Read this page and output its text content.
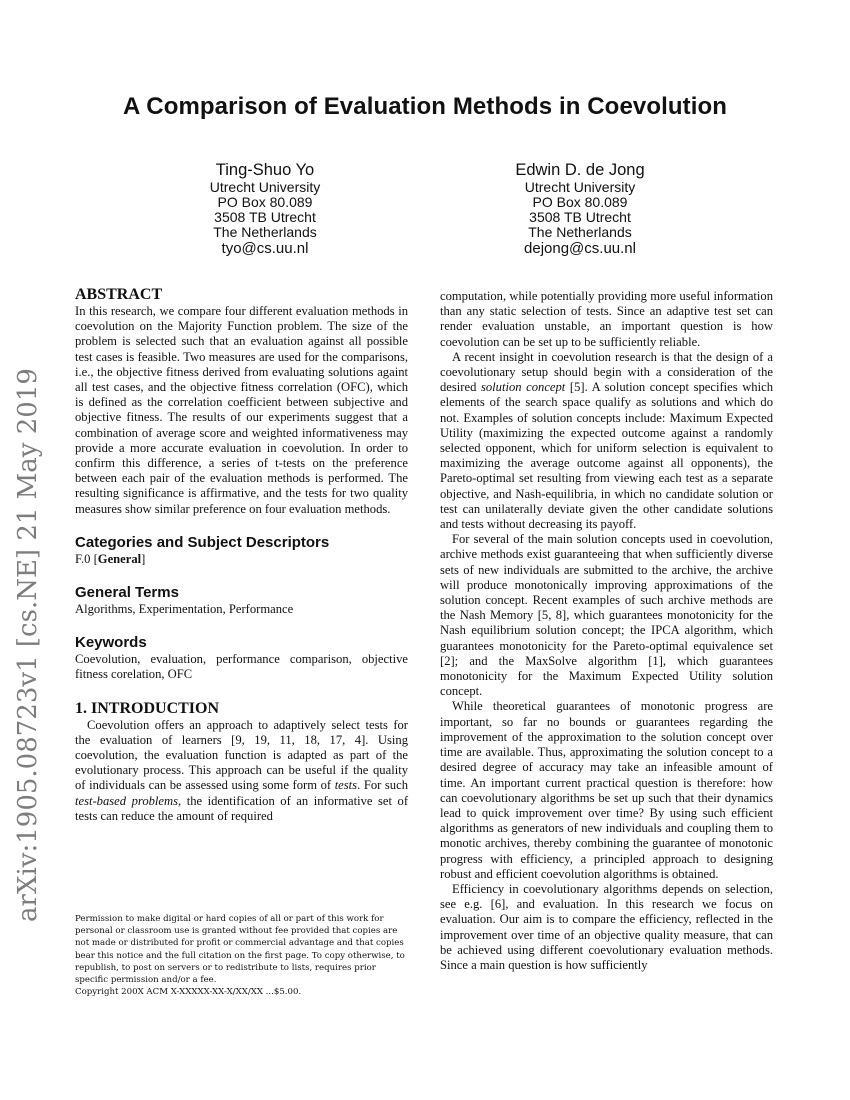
arXiv:1905.08723v1 [cs.NE] 21 May 2019
A Comparison of Evaluation Methods in Coevolution
Ting-Shuo Yo
Utrecht University
PO Box 80.089
3508 TB Utrecht
The Netherlands
tyo@cs.uu.nl
Edwin D. de Jong
Utrecht University
PO Box 80.089
3508 TB Utrecht
The Netherlands
dejong@cs.uu.nl
ABSTRACT

In this research, we compare four different evaluation methods in coevolution on the Majority Function problem. The size of the problem is selected such that an evaluation against all possible test cases is feasible. Two measures are used for the comparisons, i.e., the objective fitness derived from evaluating solutions againt all test cases, and the objective fitness correlation (OFC), which is defined as the correlation coefficient between subjective and objective fitness. The results of our experiments suggest that a combination of average score and weighted informativeness may provide a more accurate evaluation in coevolution. In order to confirm this difference, a series of t-tests on the preference between each pair of the evaluation methods is performed. The resulting significance is affirmative, and the tests for two quality measures show similar preference on four evaluation methods.

Categories and Subject Descriptors

F.0 [General]

General Terms

Algorithms, Experimentation, Performance

Keywords

Coevolution, evaluation, performance comparison, objective fitness corelation, OFC

1. INTRODUCTION

Coevolution offers an approach to adaptively select tests for the evaluation of learners [9, 19, 11, 18, 17, 4]. Using coevolution, the evaluation function is adapted as part of the evolutionary process. This approach can be useful if the quality of individuals can be assessed using some form of tests. For such test-based problems, the identification of an informative set of tests can reduce the amount of required

Permission to make digital or hard copies of all or part of this work for personal or classroom use is granted without fee provided that copies are not made or distributed for profit or commercial advantage and that copies bear this notice and the full citation on the first page. To copy otherwise, to republish, to post on servers or to redistribute to lists, requires prior specific permission and/or a fee.

Copyright 200X ACM X-XXXXX-XX-X/XX/XX ...$5.00.

computation, while potentially providing more useful information than any static selection of tests. Since an adaptive test set can render evaluation unstable, an important question is how coevolution can be set up to be sufficiently reliable.

A recent insight in coevolution research is that the design of a coevolutionary setup should begin with a consideration of the desired solution concept [5]. A solution concept specifies which elements of the search space qualify as solutions and which do not. Examples of solution concepts include: Maximum Expected Utility (maximizing the expected outcome against a randomly selected opponent, which for uniform selection is equivalent to maximizing the average outcome against all opponents), the Pareto-optimal set resulting from viewing each test as a separate objective, and Nash-equilibria, in which no candidate solution or test can unilaterally deviate given the other candidate solutions and tests without decreasing its payoff.

For several of the main solution concepts used in coevolution, archive methods exist guaranteeing that when sufficiently diverse sets of new individuals are submitted to the archive, the archive will produce monotonically improving approximations of the solution concept. Recent examples of such archive methods are the Nash Memory [5, 8], which guarantees monotonicity for the Nash equilibrium solution concept; the IPCA algorithm, which guarantees monotonicity for the Pareto-optimal equivalence set [2]; and the MaxSolve algorithm [1], which guarantees monotonicity for the Maximum Expected Utility solution concept.

While theoretical guarantees of monotonic progress are important, so far no bounds or guarantees regarding the improvement of the approximation to the solution concept over time are available. Thus, approximating the solution concept to a desired degree of accuracy may take an infeasible amount of time. An important current practical question is therefore: how can coevolutionary algorithms be set up such that their dynamics lead to quick improvement over time? By using such efficient algorithms as generators of new individuals and coupling them to monotic archives, thereby combining the guarantee of monotonic progress with efficiency, a principled approach to designing robust and efficient coevolution algorithms is obtained.

Efficiency in coevolutionary algorithms depends on selection, see e.g. [6], and evaluation. In this research we focus on evaluation. Our aim is to compare the efficiency, reflected in the improvement over time of an objective quality measure, that can be achieved using different coevolutionary evaluation methods. Since a main question is how sufficiently
